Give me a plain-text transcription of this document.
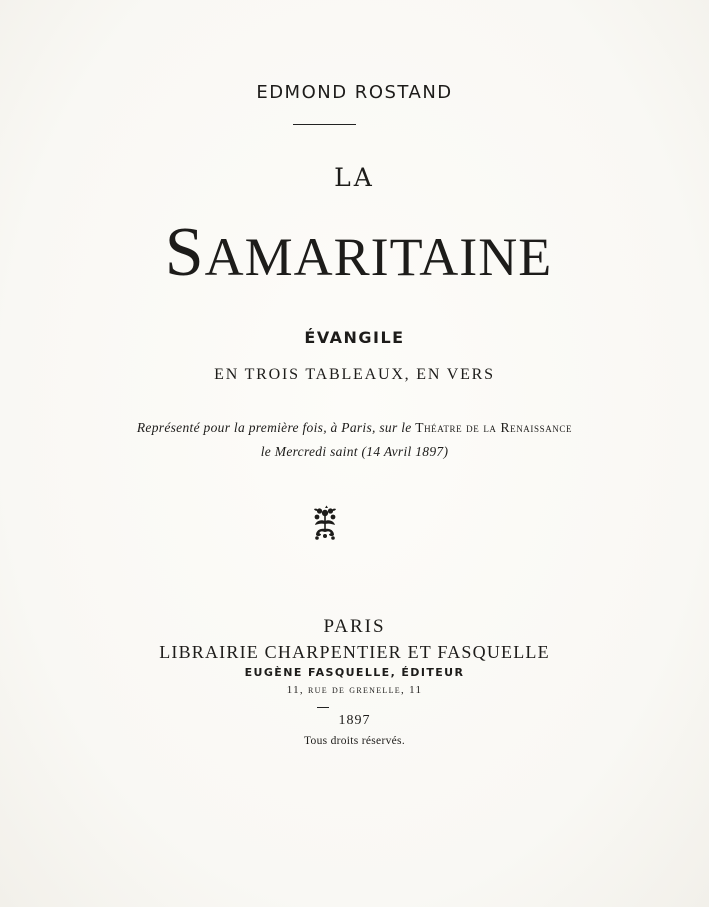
EDMOND ROSTAND
LA
SAMARITAINE
ÉVANGILE
EN TROIS TABLEAUX, EN VERS
Représenté pour la première fois, à Paris, sur le Théatre de la Renaissance
le Mercredi saint (14 Avril 1897)
PARIS
LIBRAIRIE CHARPENTIER ET FASQUELLE
EUGÈNE FASQUELLE, ÉDITEUR
11, rue de grenelle, 11
1897
Tous droits réservés.
